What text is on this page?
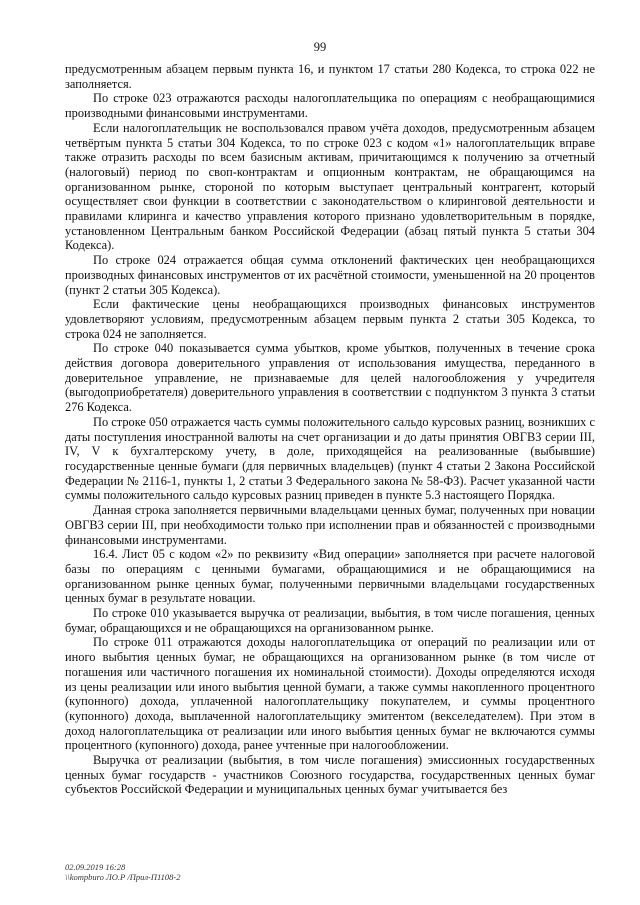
99

предусмотренным абзацем первым пункта 16, и пунктом 17 статьи 280 Кодекса, то строка 022 не заполняется.

По строке 023 отражаются расходы налогоплательщика по операциям с необращающимися производными финансовыми инструментами.

Если налогоплательщик не воспользовался правом учёта доходов, предусмотренным абзацем четвёртым пункта 5 статьи 304 Кодекса, то по строке 023 с кодом «1» налогоплательщик вправе также отразить расходы по всем базисным активам, причитающимся к получению за отчетный (налоговый) период по своп-контрактам и опционным контрактам, не обращающимся на организованном рынке, стороной по которым выступает центральный контрагент, который осуществляет свои функции в соответствии с законодательством о клиринговой деятельности и правилами клиринга и качество управления которого признано удовлетворительным в порядке, установленном Центральным банком Российской Федерации (абзац пятый пункта 5 статьи 304 Кодекса).

По строке 024 отражается общая сумма отклонений фактических цен необращающихся производных финансовых инструментов от их расчётной стоимости, уменьшенной на 20 процентов (пункт 2 статьи 305 Кодекса).

Если фактические цены необращающихся производных финансовых инструментов удовлетворяют условиям, предусмотренным абзацем первым пункта 2 статьи 305 Кодекса, то строка 024 не заполняется.

По строке 040 показывается сумма убытков, кроме убытков, полученных в течение срока действия договора доверительного управления от использования имущества, переданного в доверительное управление, не признаваемые для целей налогообложения у учредителя (выгодоприобретателя) доверительного управления в соответствии с подпунктом 3 пункта 3 статьи 276 Кодекса.

По строке 050 отражается часть суммы положительного сальдо курсовых разниц, возникших с даты поступления иностранной валюты на счет организации и до даты принятия ОВГВЗ серии III, IV, V к бухгалтерскому учету, в доле, приходящейся на реализованные (выбывшие) государственные ценные бумаги (для первичных владельцев) (пункт 4 статьи 2 Закона Российской Федерации № 2116-1, пункты 1, 2 статьи 3 Федерального закона № 58-ФЗ). Расчет указанной части суммы положительного сальдо курсовых разниц приведен в пункте 5.3 настоящего Порядка.

Данная строка заполняется первичными владельцами ценных бумаг, полученных при новации ОВГВЗ серии III, при необходимости только при исполнении прав и обязанностей с производными финансовыми инструментами.

16.4. Лист 05 с кодом «2» по реквизиту «Вид операции» заполняется при расчете налоговой базы по операциям с ценными бумагами, обращающимися и не обращающимися на организованном рынке ценных бумаг, полученными первичными владельцами государственных ценных бумаг в результате новации.

По строке 010 указывается выручка от реализации, выбытия, в том числе погашения, ценных бумаг, обращающихся и не обращающихся на организованном рынке.

По строке 011 отражаются доходы налогоплательщика от операций по реализации или от иного выбытия ценных бумаг, не обращающихся на организованном рынке (в том числе от погашения или частичного погашения их номинальной стоимости). Доходы определяются исходя из цены реализации или иного выбытия ценной бумаги, а также суммы накопленного процентного (купонного) дохода, уплаченной налогоплательщику покупателем, и суммы процентного (купонного) дохода, выплаченной налогоплательщику эмитентом (векселедателем). При этом в доход налогоплательщика от реализации или иного выбытия ценных бумаг не включаются суммы процентного (купонного) дохода, ранее учтенные при налогообложении.

Выручка от реализации (выбытия, в том числе погашения) эмиссионных государственных ценных бумаг государств - участников Союзного государства, государственных ценных бумаг субъектов Российской Федерации и муниципальных ценных бумаг учитывается без

02.09.2019 16:28
\\kompburo ЛО.Р /Прил-П1108-2
